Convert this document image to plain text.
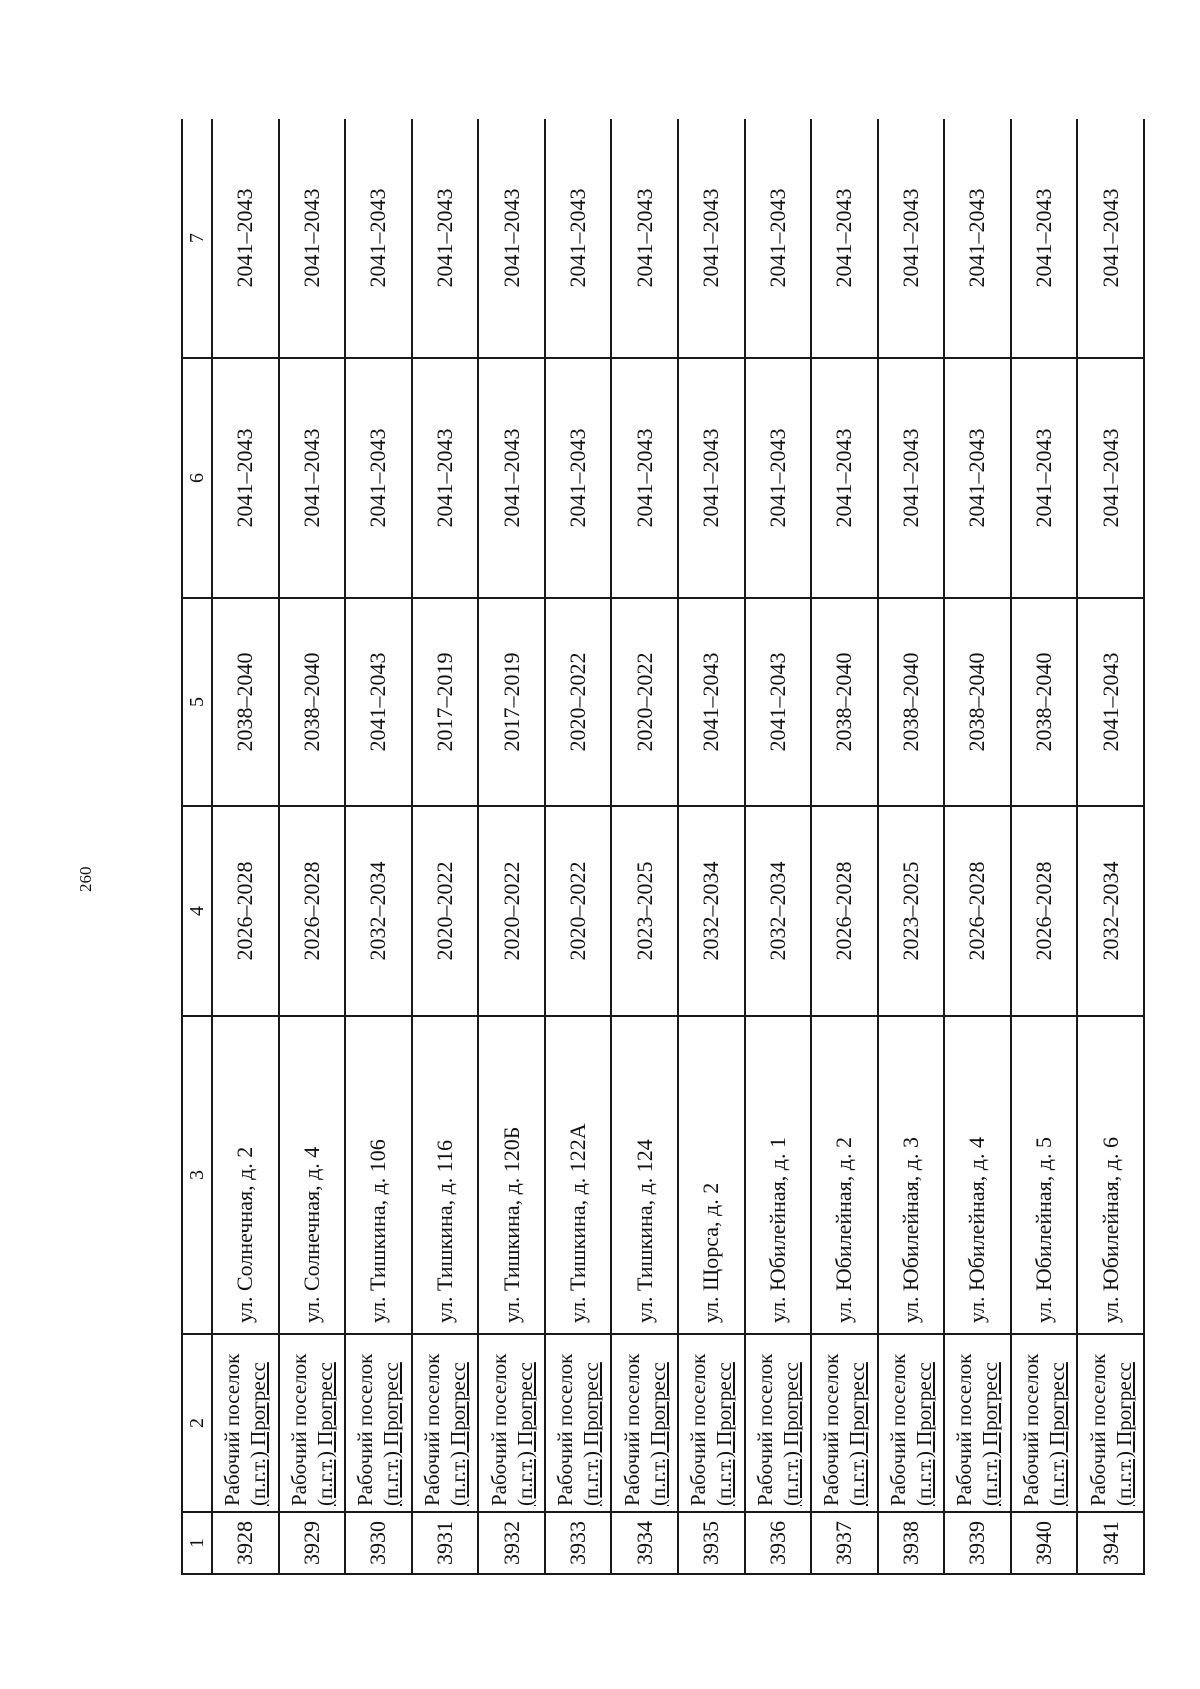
260
1	2	3	4	5	6	7
3928	Рабочий поселок (п.г.т.) Прогресс	ул. Солнечная, д. 2	2026–2028	2038–2040	2041–2043	2041–2043
3929	Рабочий поселок (п.г.т.) Прогресс	ул. Солнечная, д. 4	2026–2028	2038–2040	2041–2043	2041–2043
3930	Рабочий поселок (п.г.т.) Прогресс	ул. Тишкина, д. 106	2032–2034	2041–2043	2041–2043	2041–2043
3931	Рабочий поселок (п.г.т.) Прогресс	ул. Тишкина, д. 116	2020–2022	2017–2019	2041–2043	2041–2043
3932	Рабочий поселок (п.г.т.) Прогресс	ул. Тишкина, д. 120Б	2020–2022	2017–2019	2041–2043	2041–2043
3933	Рабочий поселок (п.г.т.) Прогресс	ул. Тишкина, д. 122А	2020–2022	2020–2022	2041–2043	2041–2043
3934	Рабочий поселок (п.г.т.) Прогресс	ул. Тишкина, д. 124	2023–2025	2020–2022	2041–2043	2041–2043
3935	Рабочий поселок (п.г.т.) Прогресс	ул. Щорса, д. 2	2032–2034	2041–2043	2041–2043	2041–2043
3936	Рабочий поселок (п.г.т.) Прогресс	ул. Юбилейная, д. 1	2032–2034	2041–2043	2041–2043	2041–2043
3937	Рабочий поселок (п.г.т.) Прогресс	ул. Юбилейная, д. 2	2026–2028	2038–2040	2041–2043	2041–2043
3938	Рабочий поселок (п.г.т.) Прогресс	ул. Юбилейная, д. 3	2023–2025	2038–2040	2041–2043	2041–2043
3939	Рабочий поселок (п.г.т.) Прогресс	ул. Юбилейная, д. 4	2026–2028	2038–2040	2041–2043	2041–2043
3940	Рабочий поселок (п.г.т.) Прогресс	ул. Юбилейная, д. 5	2026–2028	2038–2040	2041–2043	2041–2043
3941	Рабочий поселок (п.г.т.) Прогресс	ул. Юбилейная, д. 6	2032–2034	2041–2043	2041–2043	2041–2043
